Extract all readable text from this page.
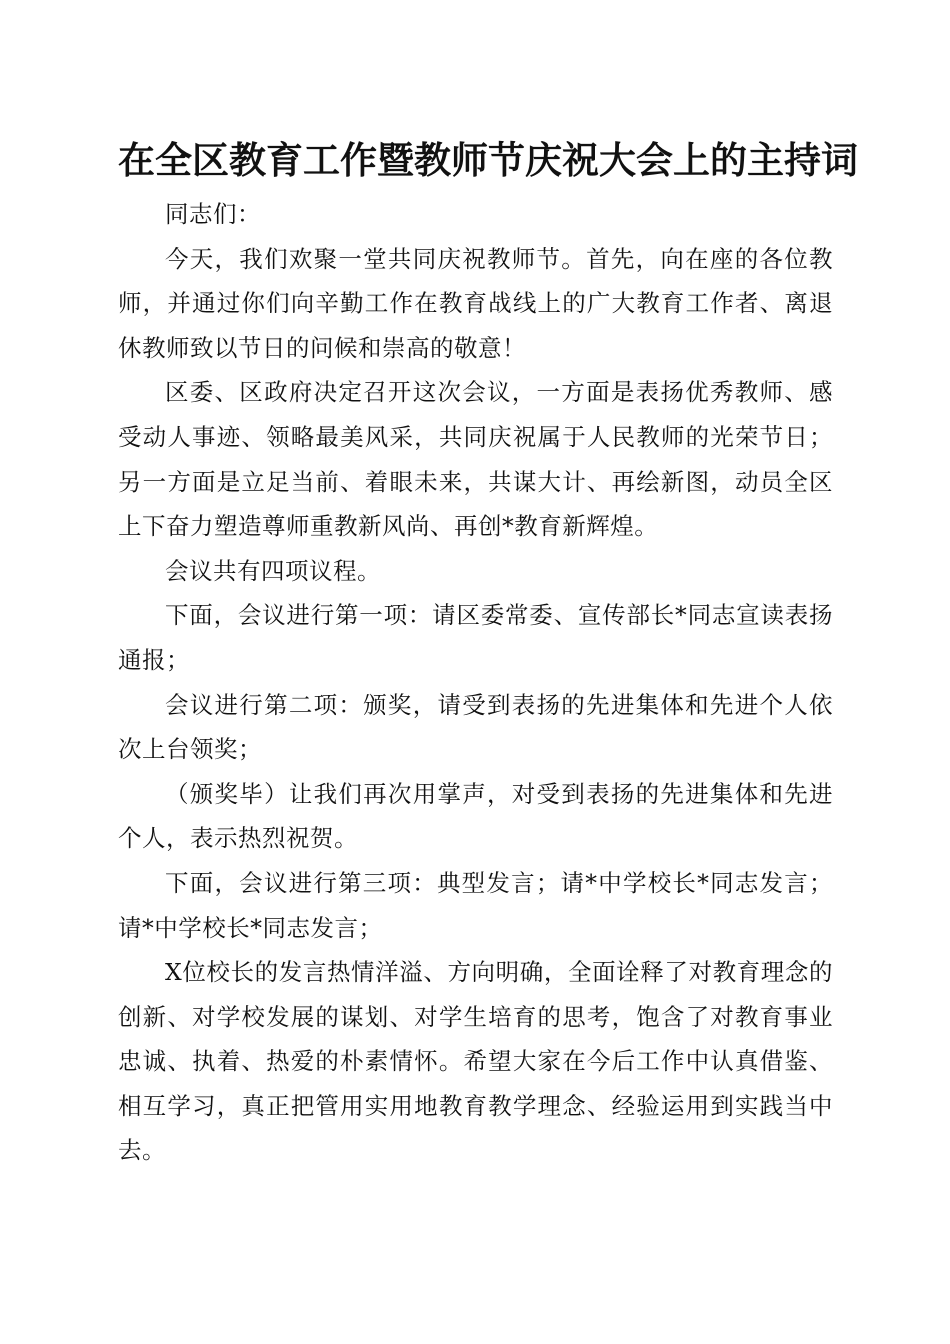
在全区教育工作暨教师节庆祝大会上的主持词

同志们：

今天，我们欢聚一堂共同庆祝教师节。首先，向在座的各位教师，并通过你们向辛勤工作在教育战线上的广大教育工作者、离退休教师致以节日的问候和崇高的敬意！

区委、区政府决定召开这次会议，一方面是表扬优秀教师、感受动人事迹、领略最美风采，共同庆祝属于人民教师的光荣节日；另一方面是立足当前、着眼未来，共谋大计、再绘新图，动员全区上下奋力塑造尊师重教新风尚、再创*教育新辉煌。

会议共有四项议程。

下面，会议进行第一项：请区委常委、宣传部长*同志宣读表扬通报；

会议进行第二项：颁奖，请受到表扬的先进集体和先进个人依次上台领奖；

（颁奖毕）让我们再次用掌声，对受到表扬的先进集体和先进个人，表示热烈祝贺。

下面，会议进行第三项：典型发言；请*中学校长*同志发言；请*中学校长*同志发言；

X位校长的发言热情洋溢、方向明确，全面诠释了对教育理念的创新、对学校发展的谋划、对学生培育的思考，饱含了对教育事业忠诚、执着、热爱的朴素情怀。希望大家在今后工作中认真借鉴、相互学习，真正把管用实用地教育教学理念、经验运用到实践当中去。
